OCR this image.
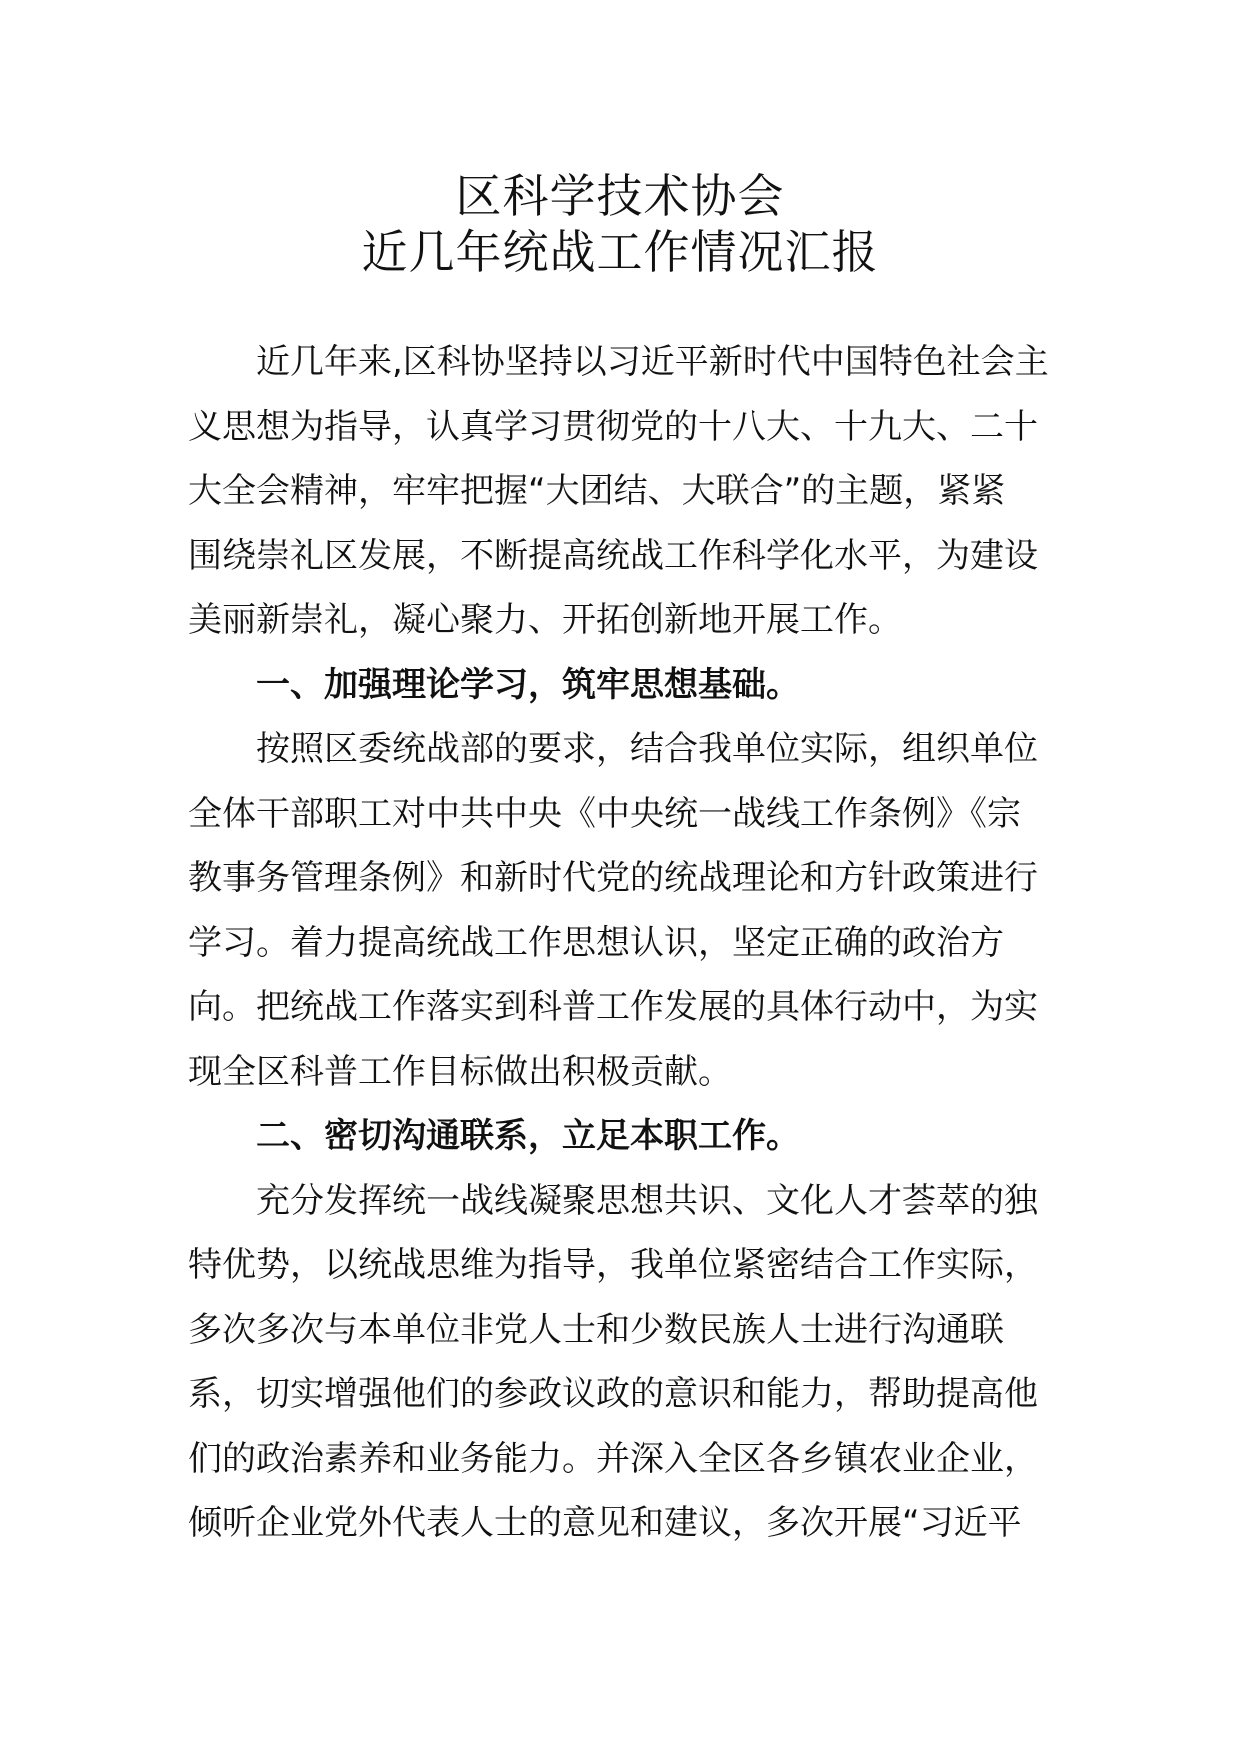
区科学技术协会
近几年统战工作情况汇报
近几年来,区科协坚持以习近平新时代中国特色社会主
义思想为指导，认真学习贯彻党的十八大、十九大、二十
大全会精神，牢牢把握“大团结、大联合”的主题，紧紧
围绕崇礼区发展，不断提高统战工作科学化水平，为建设
美丽新崇礼，凝心聚力、开拓创新地开展工作。
一、加强理论学习，筑牢思想基础。
按照区委统战部的要求，结合我单位实际，组织单位
全体干部职工对中共中央《中央统一战线工作条例》《宗
教事务管理条例》和新时代党的统战理论和方针政策进行
学习。着力提高统战工作思想认识，坚定正确的政治方
向。把统战工作落实到科普工作发展的具体行动中，为实
现全区科普工作目标做出积极贡献。
二、密切沟通联系，立足本职工作。
充分发挥统一战线凝聚思想共识、文化人才荟萃的独
特优势，以统战思维为指导，我单位紧密结合工作实际，
多次多次与本单位非党人士和少数民族人士进行沟通联
系，切实增强他们的参政议政的意识和能力，帮助提高他
们的政治素养和业务能力。并深入全区各乡镇农业企业，
倾听企业党外代表人士的意见和建议，多次开展“习近平
